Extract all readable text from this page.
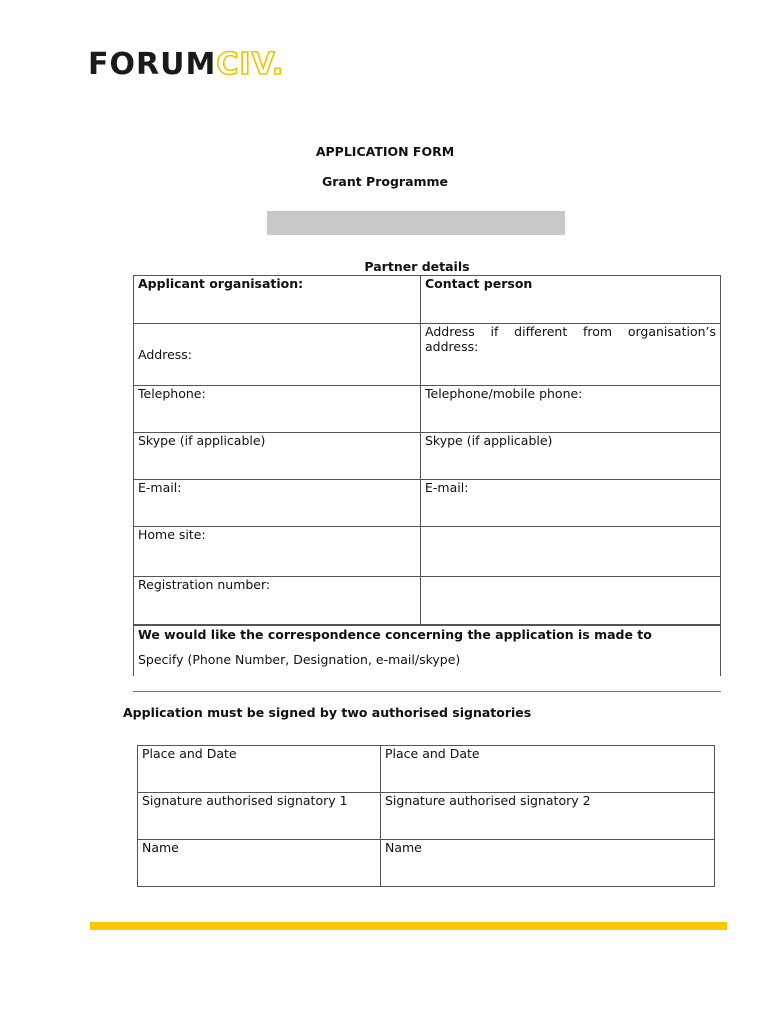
FORUMCIV.
APPLICATION FORM
Grant Programme
Partner details
Applicant organisation:	Contact person
Address:	Address if different from organisation’s address:
Telephone:	Telephone/mobile phone:
Skype (if applicable)	Skype (if applicable)
E-mail:	E-mail:
Home site:	
Registration number:	
We would like the correspondence concerning the application is made to
Specify (Phone Number, Designation, e-mail/skype)
Application must be signed by two authorised signatories
Place and Date	Place and Date
Signature authorised signatory 1	Signature authorised signatory 2
Name	Name
